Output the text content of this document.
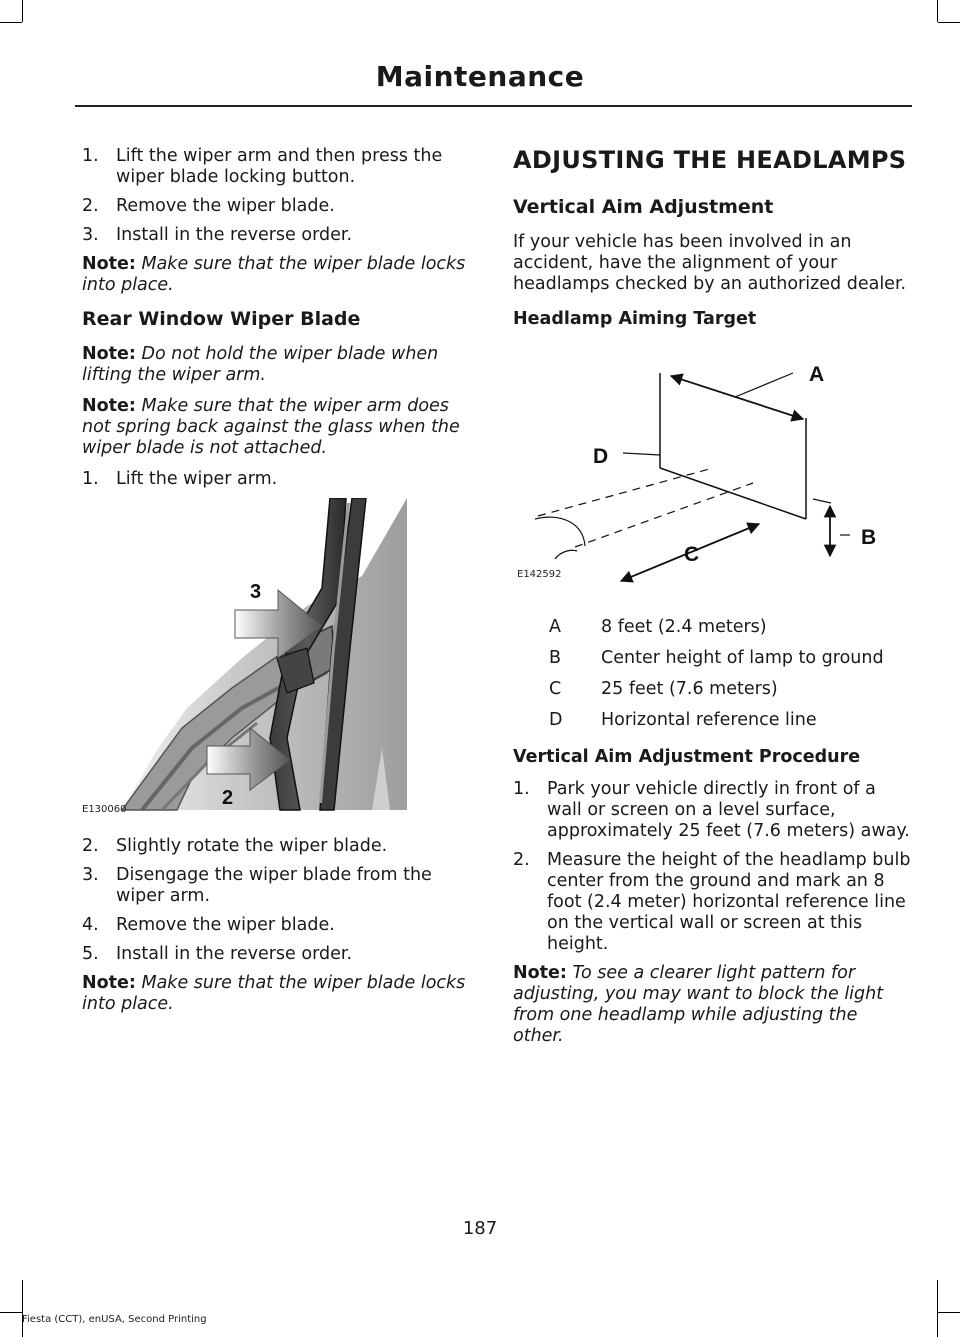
Maintenance
1. Lift the wiper arm and then press the wiper blade locking button.
2. Remove the wiper blade.
3. Install in the reverse order.

Note: Make sure that the wiper blade locks into place.

Rear Window Wiper Blade

Note: Do not hold the wiper blade when lifting the wiper arm.

Note: Make sure that the wiper arm does not spring back against the glass when the wiper blade is not attached.

1. Lift the wiper arm.
3
2
E130060
2. Slightly rotate the wiper blade.
3. Disengage the wiper blade from the wiper arm.
4. Remove the wiper blade.
5. Install in the reverse order.

Note: Make sure that the wiper blade locks into place.

ADJUSTING THE HEADLAMPS
Vertical Aim Adjustment

If your vehicle has been involved in an accident, have the alignment of your headlamps checked by an authorized dealer.

Headlamp Aiming Target
A
D
B
C
E142592
A	8 feet (2.4 meters)
B	Center height of lamp to ground
C	25 feet (7.6 meters)
D	Horizontal reference line
Vertical Aim Adjustment Procedure
1. Park your vehicle directly in front of a wall or screen on a level surface, approximately 25 feet (7.6 meters) away.
2. Measure the height of the headlamp bulb center from the ground and mark an 8 foot (2.4 meter) horizontal reference line on the vertical wall or screen at this height.

Note: To see a clearer light pattern for adjusting, you may want to block the light from one headlamp while adjusting the other.

187
Fiesta (CCT), enUSA, Second Printing
